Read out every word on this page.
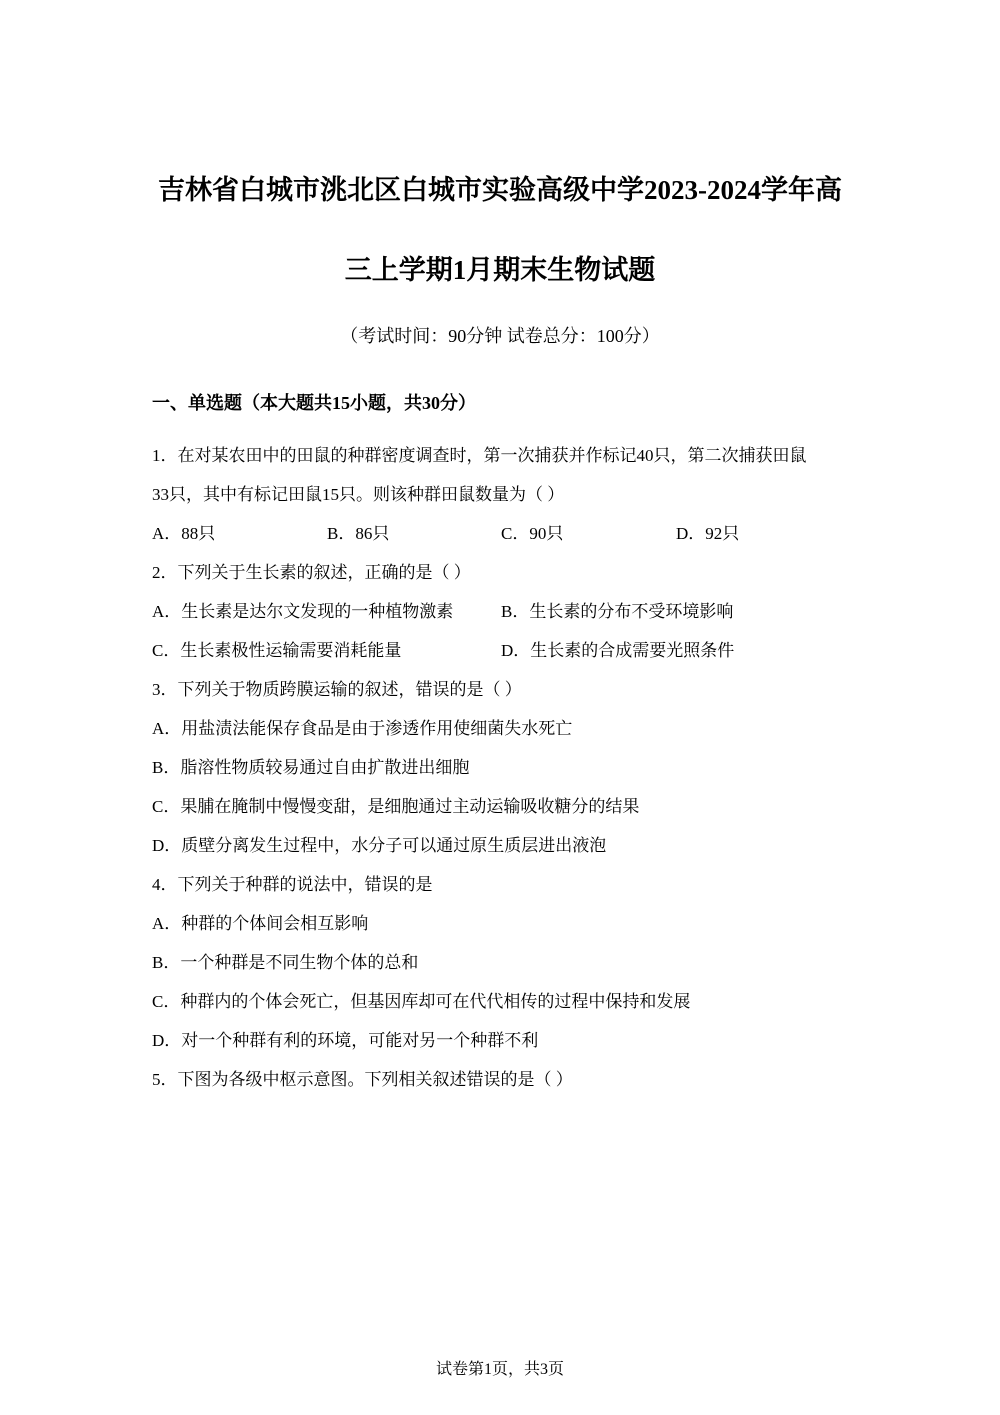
吉林省白城市洮北区白城市实验高级中学2023-2024学年高
三上学期1月期末生物试题
（考试时间：90分钟 试卷总分：100分）
一、单选题（本大题共15小题，共30分）
1．在对某农田中的田鼠的种群密度调查时，第一次捕获并作标记40只，第二次捕获田鼠
33只，其中有标记田鼠15只。则该种群田鼠数量为（ ）
A．88只	B．86只	C．90只	D．92只
2．下列关于生长素的叙述，正确的是（ ）
A．生长素是达尔文发现的一种植物激素	B．生长素的分布不受环境影响
C．生长素极性运输需要消耗能量	D．生长素的合成需要光照条件
3．下列关于物质跨膜运输的叙述，错误的是（ ）
A．用盐渍法能保存食品是由于渗透作用使细菌失水死亡
B．脂溶性物质较易通过自由扩散进出细胞
C．果脯在腌制中慢慢变甜，是细胞通过主动运输吸收糖分的结果
D．质壁分离发生过程中，水分子可以通过原生质层进出液泡
4．下列关于种群的说法中，错误的是
A．种群的个体间会相互影响
B．一个种群是不同生物个体的总和
C．种群内的个体会死亡，但基因库却可在代代相传的过程中保持和发展
D．对一个种群有利的环境，可能对另一个种群不利
5．下图为各级中枢示意图。下列相关叙述错误的是（ ）
试卷第1页，共3页
